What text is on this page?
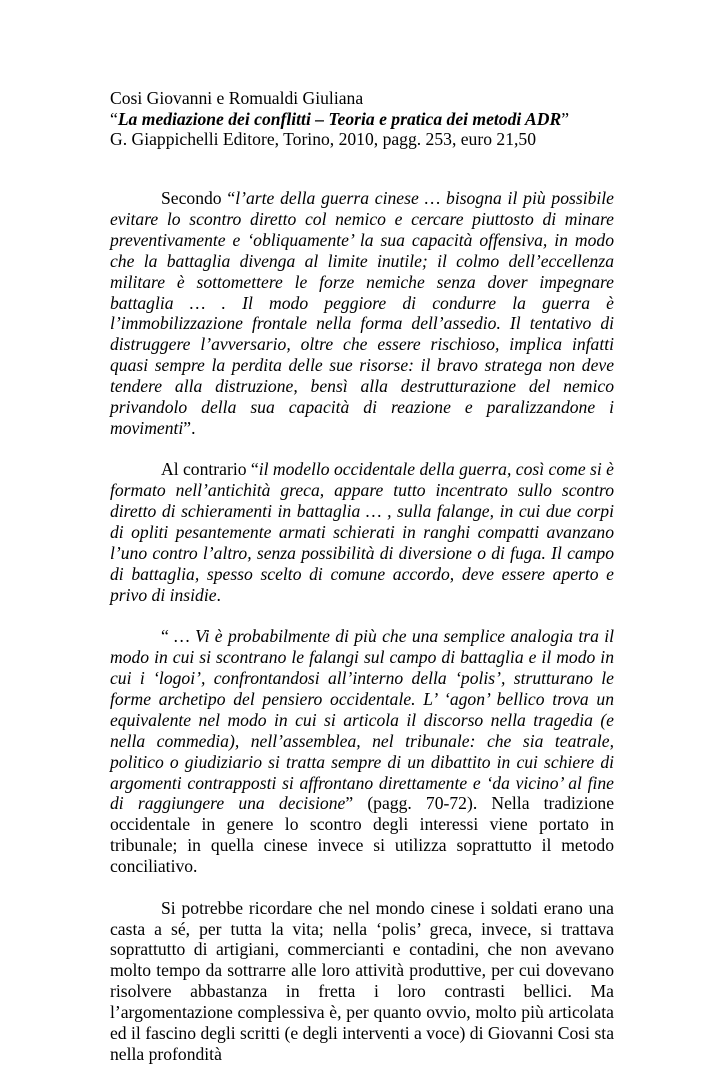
Cosi Giovanni e Romualdi Giuliana
“La mediazione dei conflitti – Teoria e pratica dei metodi ADR”
G. Giappichelli Editore, Torino, 2010, pagg. 253, euro 21,50

Secondo “l’arte della guerra cinese … bisogna il più possibile evitare lo scontro diretto col nemico e cercare piuttosto di minare preventivamente e ‘obliquamente’ la sua capacità offensiva, in modo che la battaglia divenga al limite inutile; il colmo dell’eccellenza militare è sottomettere le forze nemiche senza dover impegnare battaglia … . Il modo peggiore di condurre la guerra è l’immobilizzazione frontale nella forma dell’assedio. Il tentativo di distruggere l’avversario, oltre che essere rischioso, implica infatti quasi sempre la perdita delle sue risorse: il bravo stratega non deve tendere alla distruzione, bensì alla destrutturazione del nemico privandolo della sua capacità di reazione e paralizzandone i movimenti”.

Al contrario “il modello occidentale della guerra, così come si è formato nell’antichità greca, appare tutto incentrato sullo scontro diretto di schieramenti in battaglia … , sulla falange, in cui due corpi di opliti pesantemente armati schierati in ranghi compatti avanzano l’uno contro l’altro, senza possibilità di diversione o di fuga. Il campo di battaglia, spesso scelto di comune accordo, deve essere aperto e privo di insidie.

“ … Vi è probabilmente di più che una semplice analogia tra il modo in cui si scontrano le falangi sul campo di battaglia e il modo in cui i ‘logoi’, confrontandosi all’interno della ‘polis’, strutturano le forme archetipo del pensiero occidentale. L’ ‘agon’ bellico trova un equivalente nel modo in cui si articola il discorso nella tragedia (e nella commedia), nell’assemblea, nel tribunale: che sia teatrale, politico o giudiziario si tratta sempre di un dibattito in cui schiere di argomenti contrapposti si affrontano direttamente e ‘da vicino’ al fine di raggiungere una decisione” (pagg. 70-72). Nella tradizione occidentale in genere lo scontro degli interessi viene portato in tribunale; in quella cinese invece si utilizza soprattutto il metodo conciliativo.

Si potrebbe ricordare che nel mondo cinese i soldati erano una casta a sé, per tutta la vita; nella ‘polis’ greca, invece, si trattava soprattutto di artigiani, commercianti e contadini, che non avevano molto tempo da sottrarre alle loro attività produttive, per cui dovevano risolvere abbastanza in fretta i loro contrasti bellici. Ma l’argomentazione complessiva è, per quanto ovvio, molto più articolata ed il fascino degli scritti (e degli interventi a voce) di Giovanni Cosi sta nella profondità
